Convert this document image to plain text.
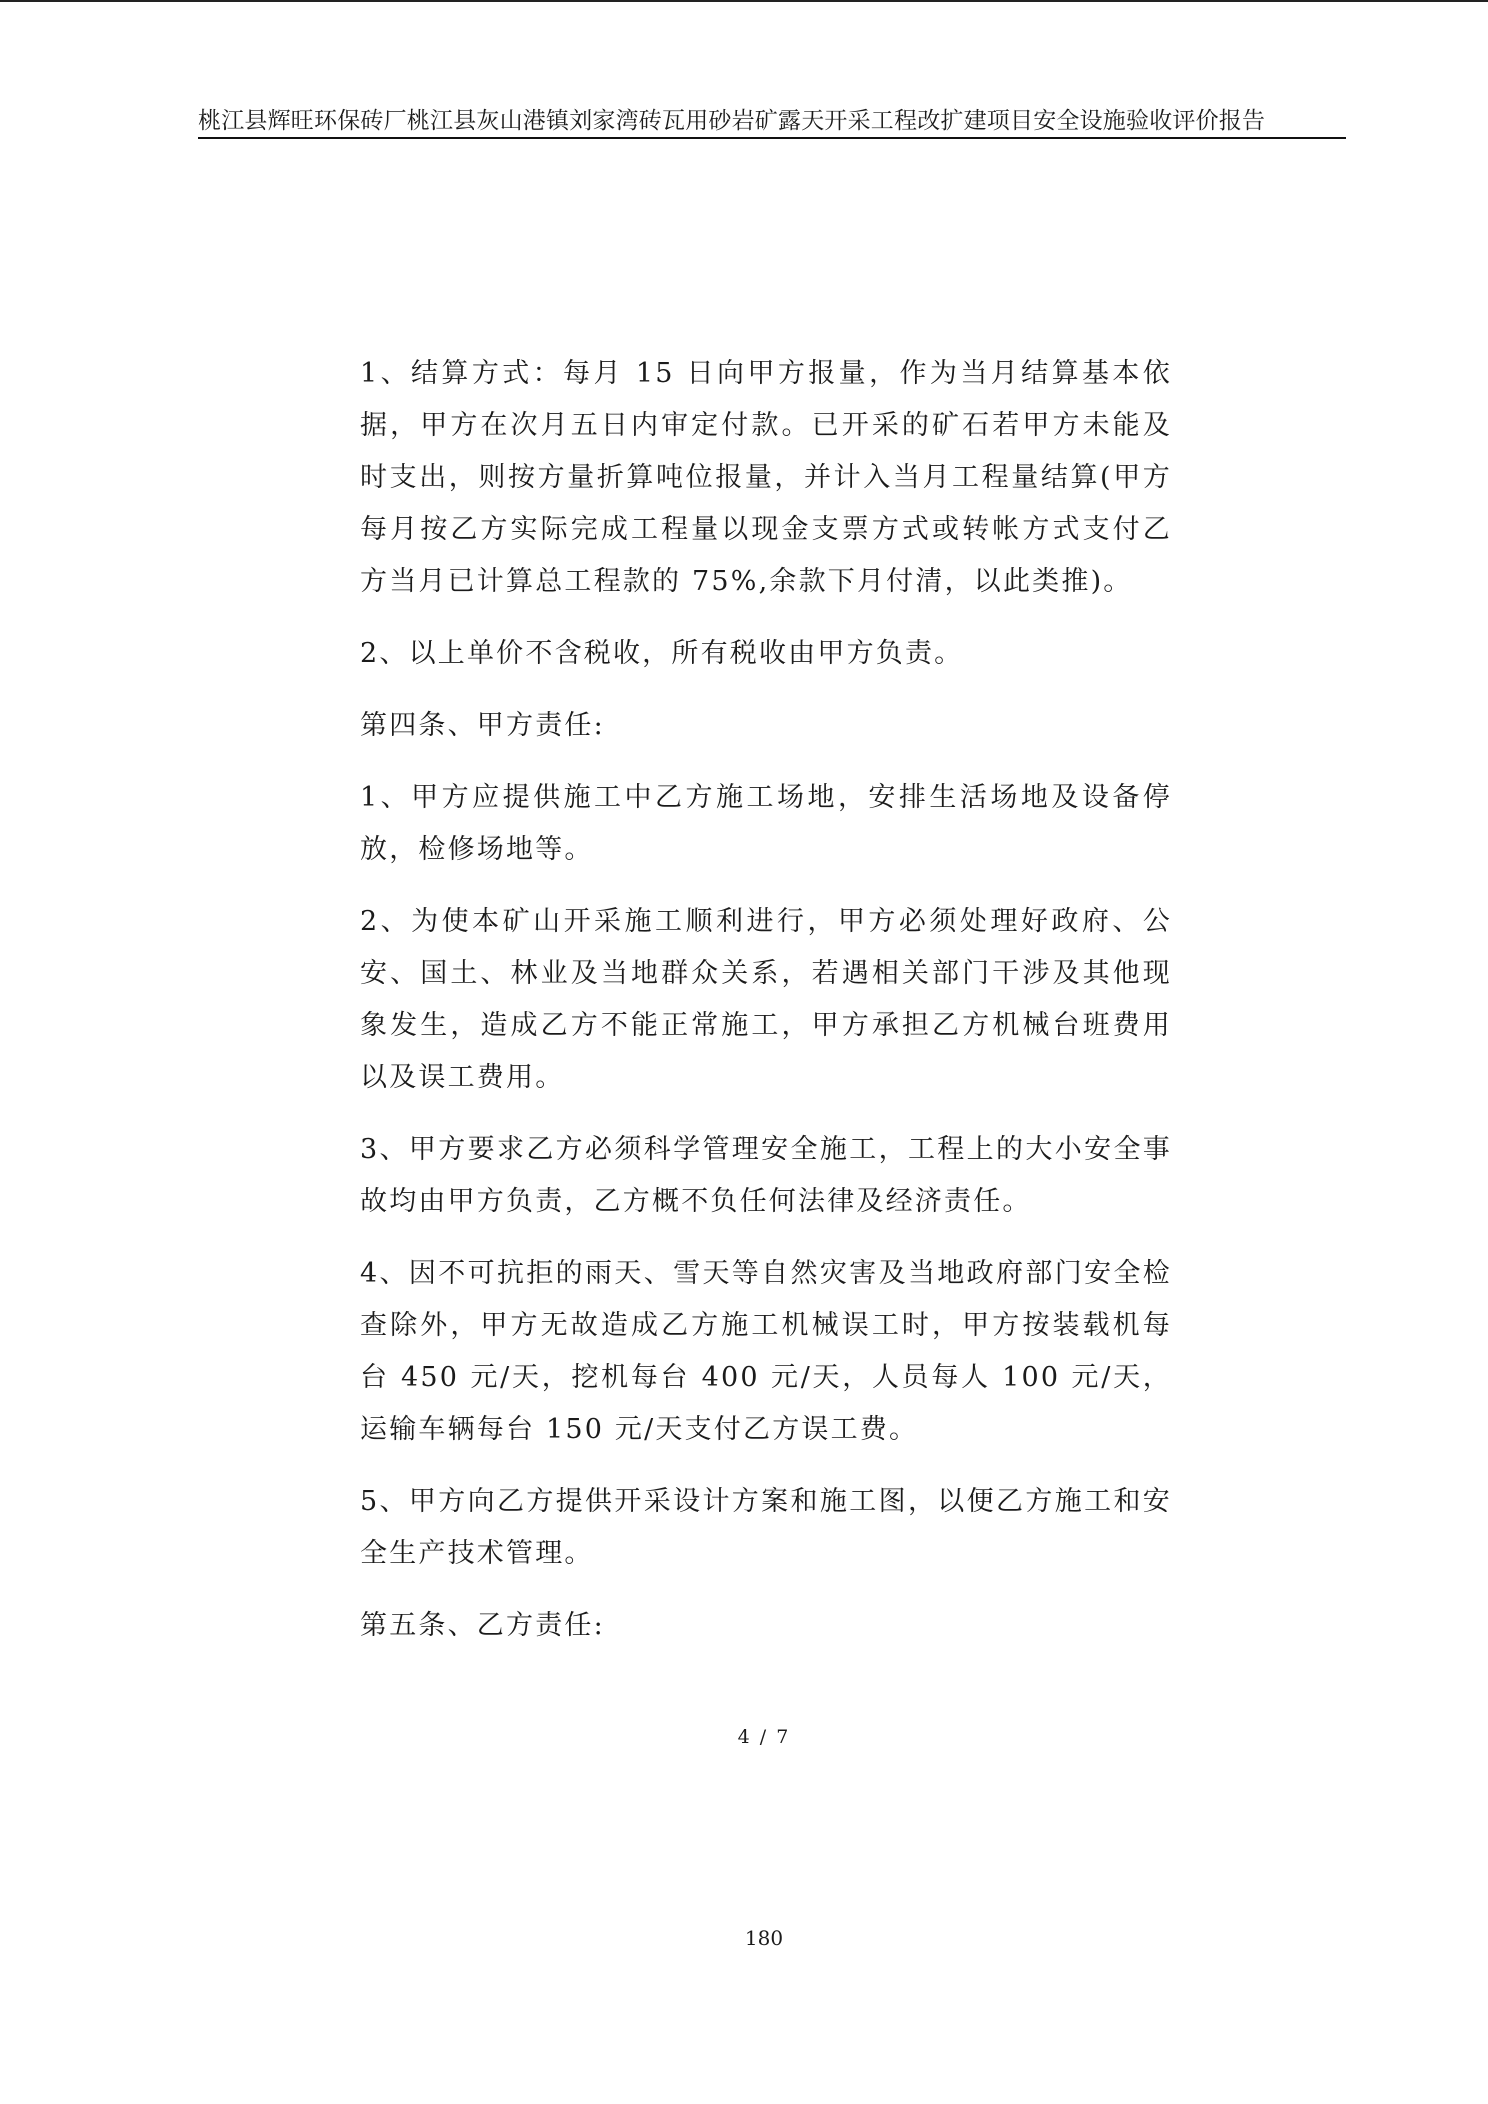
桃江县辉旺环保砖厂桃江县灰山港镇刘家湾砖瓦用砂岩矿露天开采工程改扩建项目安全设施验收评价报告

1、结算方式：每月 15 日向甲方报量，作为当月结算基本依据，甲方在次月五日内审定付款。已开采的矿石若甲方未能及时支出，则按方量折算吨位报量，并计入当月工程量结算(甲方每月按乙方实际完成工程量以现金支票方式或转帐方式支付乙方当月已计算总工程款的 75%,余款下月付清，以此类推)。

2、以上单价不含税收，所有税收由甲方负责。

第四条、甲方责任:

1、甲方应提供施工中乙方施工场地，安排生活场地及设备停放，检修场地等。

2、为使本矿山开采施工顺利进行，甲方必须处理好政府、公安、国土、林业及当地群众关系，若遇相关部门干涉及其他现象发生，造成乙方不能正常施工，甲方承担乙方机械台班费用以及误工费用。

3、甲方要求乙方必须科学管理安全施工，工程上的大小安全事故均由甲方负责，乙方概不负任何法律及经济责任。

4、因不可抗拒的雨天、雪天等自然灾害及当地政府部门安全检查除外，甲方无故造成乙方施工机械误工时，甲方按装载机每台 450 元/天，挖机每台 400 元/天，人员每人 100 元/天，运输车辆每台 150 元/天支付乙方误工费。

5、甲方向乙方提供开采设计方案和施工图，以便乙方施工和安全生产技术管理。

第五条、乙方责任:

4 / 7
180
